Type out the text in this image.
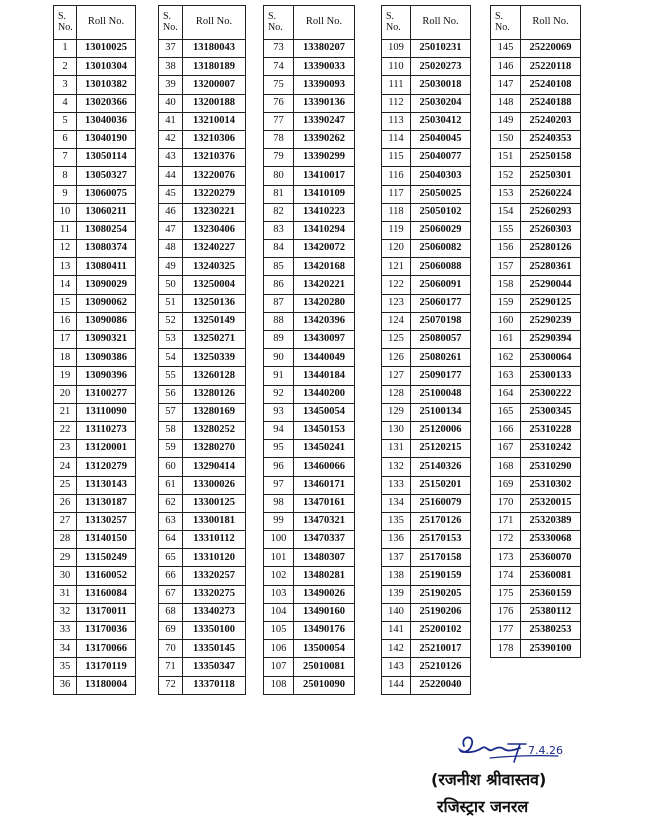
S.
No.	Roll No.
1	13010025
2	13010304
3	13010382
4	13020366
5	13040036
6	13040190
7	13050114
8	13050327
9	13060075
10	13060211
11	13080254
12	13080374
13	13080411
14	13090029
15	13090062
16	13090086
17	13090321
18	13090386
19	13090396
20	13100277
21	13110090
22	13110273
23	13120001
24	13120279
25	13130143
26	13130187
27	13130257
28	13140150
29	13150249
30	13160052
31	13160084
32	13170011
33	13170036
34	13170066
35	13170119
36	13180004
S.
No.	Roll No.
37	13180043
38	13180189
39	13200007
40	13200188
41	13210014
42	13210306
43	13210376
44	13220076
45	13220279
46	13230221
47	13230406
48	13240227
49	13240325
50	13250004
51	13250136
52	13250149
53	13250271
54	13250339
55	13260128
56	13280126
57	13280169
58	13280252
59	13280270
60	13290414
61	13300026
62	13300125
63	13300181
64	13310112
65	13310120
66	13320257
67	13320275
68	13340273
69	13350100
70	13350145
71	13350347
72	13370118
S.
No.	Roll No.
73	13380207
74	13390033
75	13390093
76	13390136
77	13390247
78	13390262
79	13390299
80	13410017
81	13410109
82	13410223
83	13410294
84	13420072
85	13420168
86	13420221
87	13420280
88	13420396
89	13430097
90	13440049
91	13440184
92	13440200
93	13450054
94	13450153
95	13450241
96	13460066
97	13460171
98	13470161
99	13470321
100	13470337
101	13480307
102	13480281
103	13490026
104	13490160
105	13490176
106	13500054
107	25010081
108	25010090
S.
No.	Roll No.
109	25010231
110	25020273
111	25030018
112	25030204
113	25030412
114	25040045
115	25040077
116	25040303
117	25050025
118	25050102
119	25060029
120	25060082
121	25060088
122	25060091
123	25060177
124	25070198
125	25080057
126	25080261
127	25090177
128	25100048
129	25100134
130	25120006
131	25120215
132	25140326
133	25150201
134	25160079
135	25170126
136	25170153
137	25170158
138	25190159
139	25190205
140	25190206
141	25200102
142	25210017
143	25210126
144	25220040
S.
No.	Roll No.
145	25220069
146	25220118
147	25240108
148	25240188
149	25240203
150	25240353
151	25250158
152	25250301
153	25260224
154	25260293
155	25260303
156	25280126
157	25280361
158	25290044
159	25290125
160	25290239
161	25290394
162	25300064
163	25300133
164	25300222
165	25300345
166	25310228
167	25310242
168	25310290
169	25310302
170	25320015
171	25320389
172	25330068
173	25360070
174	25360081
175	25360159
176	25380112
177	25380253
178	25390100
7.4.26
(रजनीश श्रीवास्तव)
रजिस्ट्रार जनरल
